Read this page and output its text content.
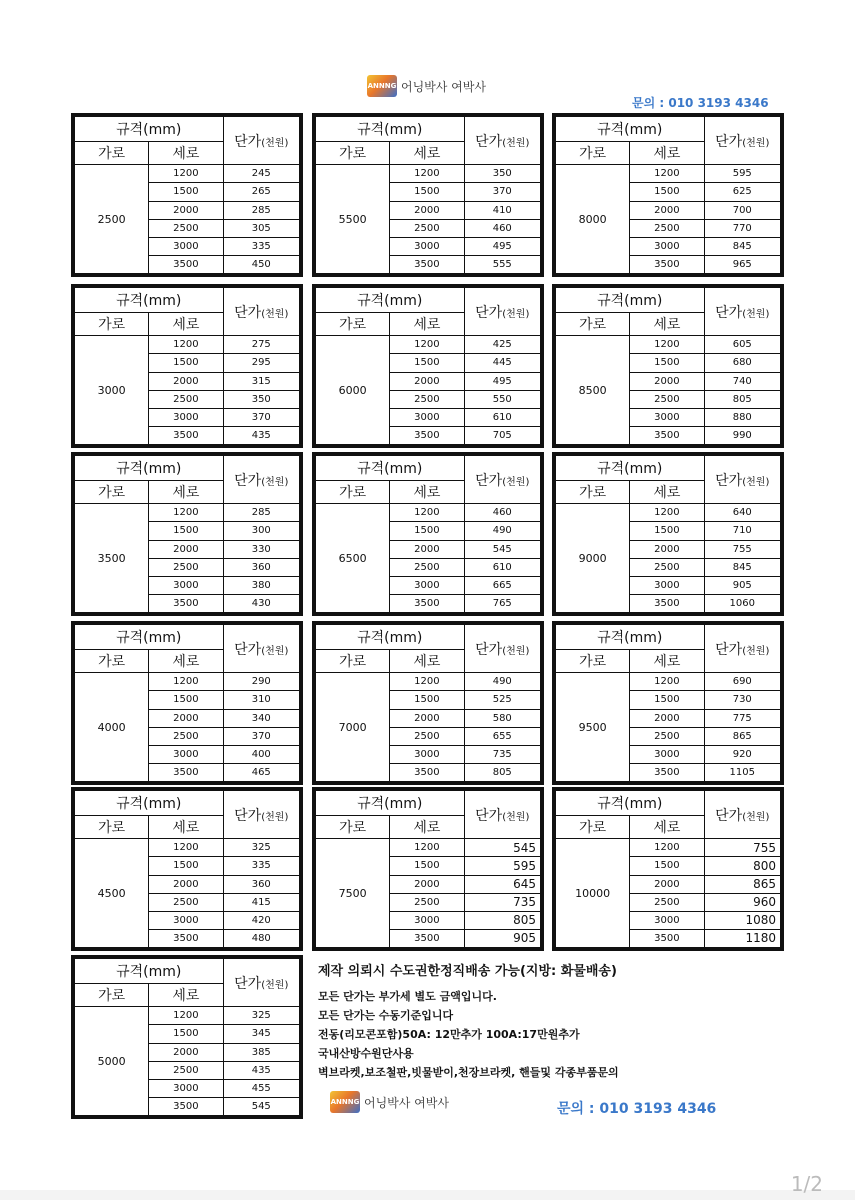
ANNNG 어닝박사 여박사
문의 : 010 3193 4346
규격(mm)		단가(천원)
가로	세로	
2500	1200	245
	1500	265
	2000	285
	2500	305
	3000	335
	3500	450
규격(mm)		단가(천원)
가로	세로	
5500	1200	350
	1500	370
	2000	410
	2500	460
	3000	495
	3500	555
규격(mm)		단가(천원)
가로	세로	
8000	1200	595
	1500	625
	2000	700
	2500	770
	3000	845
	3500	965
규격(mm)		단가(천원)
가로	세로	
3000	1200	275
	1500	295
	2000	315
	2500	350
	3000	370
	3500	435
규격(mm)		단가(천원)
가로	세로	
6000	1200	425
	1500	445
	2000	495
	2500	550
	3000	610
	3500	705
규격(mm)		단가(천원)
가로	세로	
8500	1200	605
	1500	680
	2000	740
	2500	805
	3000	880
	3500	990
규격(mm)		단가(천원)
가로	세로	
3500	1200	285
	1500	300
	2000	330
	2500	360
	3000	380
	3500	430
규격(mm)		단가(천원)
가로	세로	
6500	1200	460
	1500	490
	2000	545
	2500	610
	3000	665
	3500	765
규격(mm)		단가(천원)
가로	세로	
9000	1200	640
	1500	710
	2000	755
	2500	845
	3000	905
	3500	1060
규격(mm)		단가(천원)
가로	세로	
4000	1200	290
	1500	310
	2000	340
	2500	370
	3000	400
	3500	465
규격(mm)		단가(천원)
가로	세로	
7000	1200	490
	1500	525
	2000	580
	2500	655
	3000	735
	3500	805
규격(mm)		단가(천원)
가로	세로	
9500	1200	690
	1500	730
	2000	775
	2500	865
	3000	920
	3500	1105
규격(mm)		단가(천원)
가로	세로	
4500	1200	325
	1500	335
	2000	360
	2500	415
	3000	420
	3500	480
규격(mm)		단가(천원)
가로	세로	
7500	1200	545
	1500	595
	2000	645
	2500	735
	3000	805
	3500	905
규격(mm)		단가(천원)
가로	세로	
10000	1200	755
	1500	800
	2000	865
	2500	960
	3000	1080
	3500	1180
규격(mm)		단가(천원)
가로	세로	
5000	1200	325
	1500	345
	2000	385
	2500	435
	3000	455
	3500	545
제작 의뢰시 수도권한정직배송 가능(지방: 화물배송)
모든 단가는 부가세 별도 금액입니다.
모든 단가는 수동기준입니다
전동(리모콘포함)50A: 12만추가 100A:17만원추가
국내산방수원단사용
벽브라켓,보조철판,빗물받이,천장브라켓, 핸들및 각종부품문의
ANNNG 어닝박사 여박사	문의 : 010 3193 4346
1/2
